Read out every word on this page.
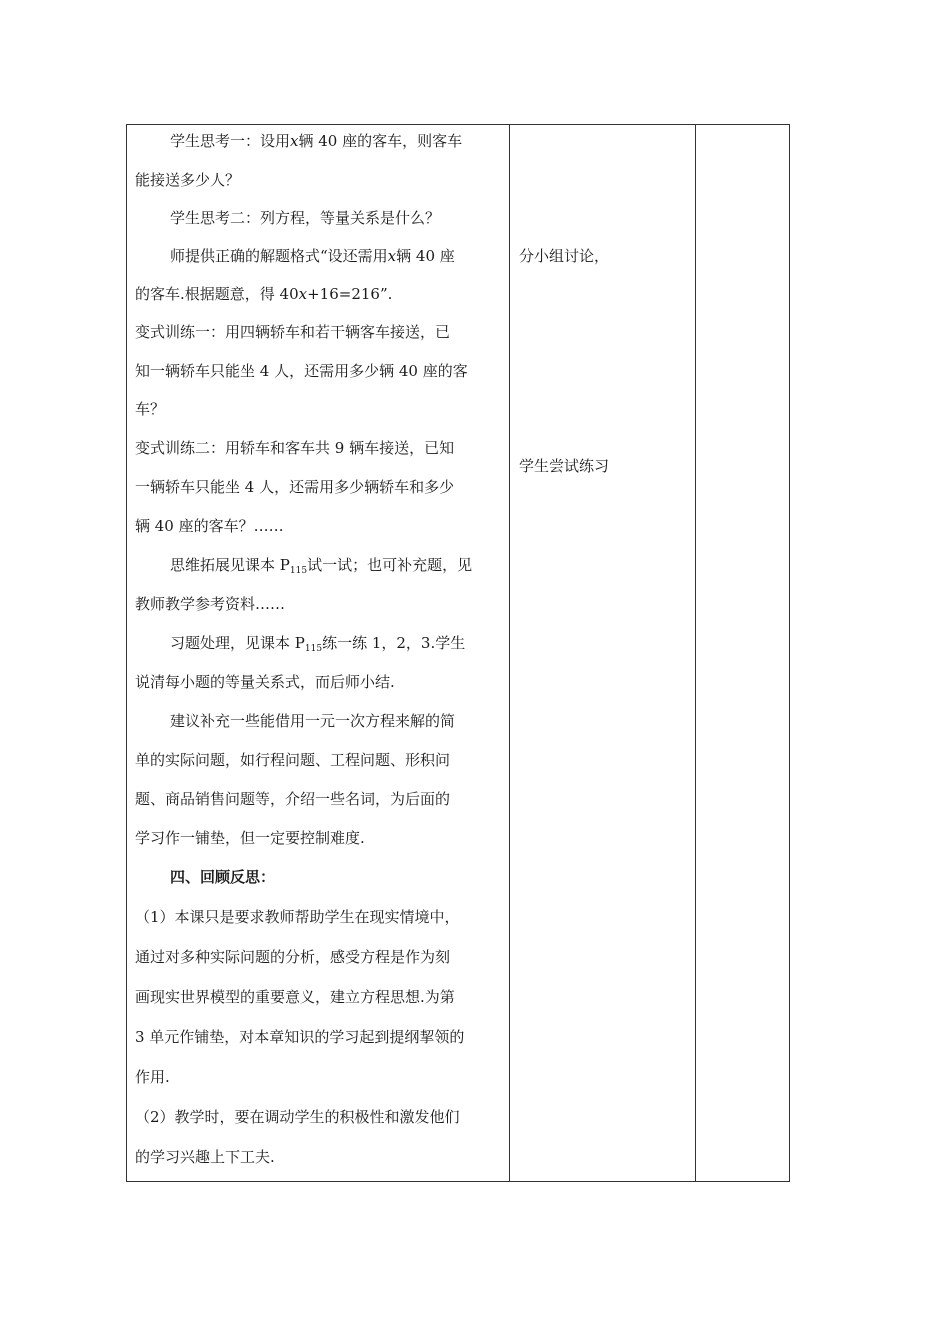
学生思考一：设用x辆 40 座的客车，则客车
能接送多少人？
学生思考二：列方程，等量关系是什么？
师提供正确的解题格式“设还需用x辆 40 座
的客车.根据题意，得 40x+16=216”.
变式训练一：用四辆轿车和若干辆客车接送，已
知一辆轿车只能坐 4 人，还需用多少辆 40 座的客
车？
变式训练二：用轿车和客车共 9 辆车接送，已知
一辆轿车只能坐 4 人，还需用多少辆轿车和多少
辆 40 座的客车？……
思维拓展见课本 $P_{115}$试一试；也可补充题，见
教师教学参考资料……
习题处理，见课本 $P_{115}$练一练 1，2，3.学生
说清每小题的等量关系式，而后师小结.
建议补充一些能借用一元一次方程来解的简
单的实际问题，如行程问题、工程问题、形积问
题、商品销售问题等，介绍一些名词，为后面的
学习作一铺垫，但一定要控制难度.
四、回顾反思：
（1）本课只是要求教师帮助学生在现实情境中，
通过对多种实际问题的分析，感受方程是作为刻
画现实世界模型的重要意义，建立方程思想.为第
3 单元作铺垫，对本章知识的学习起到提纲挈领的
作用.
（2）教学时，要在调动学生的积极性和激发他们
的学习兴趣上下工夫.
分小组讨论，
学生尝试练习
